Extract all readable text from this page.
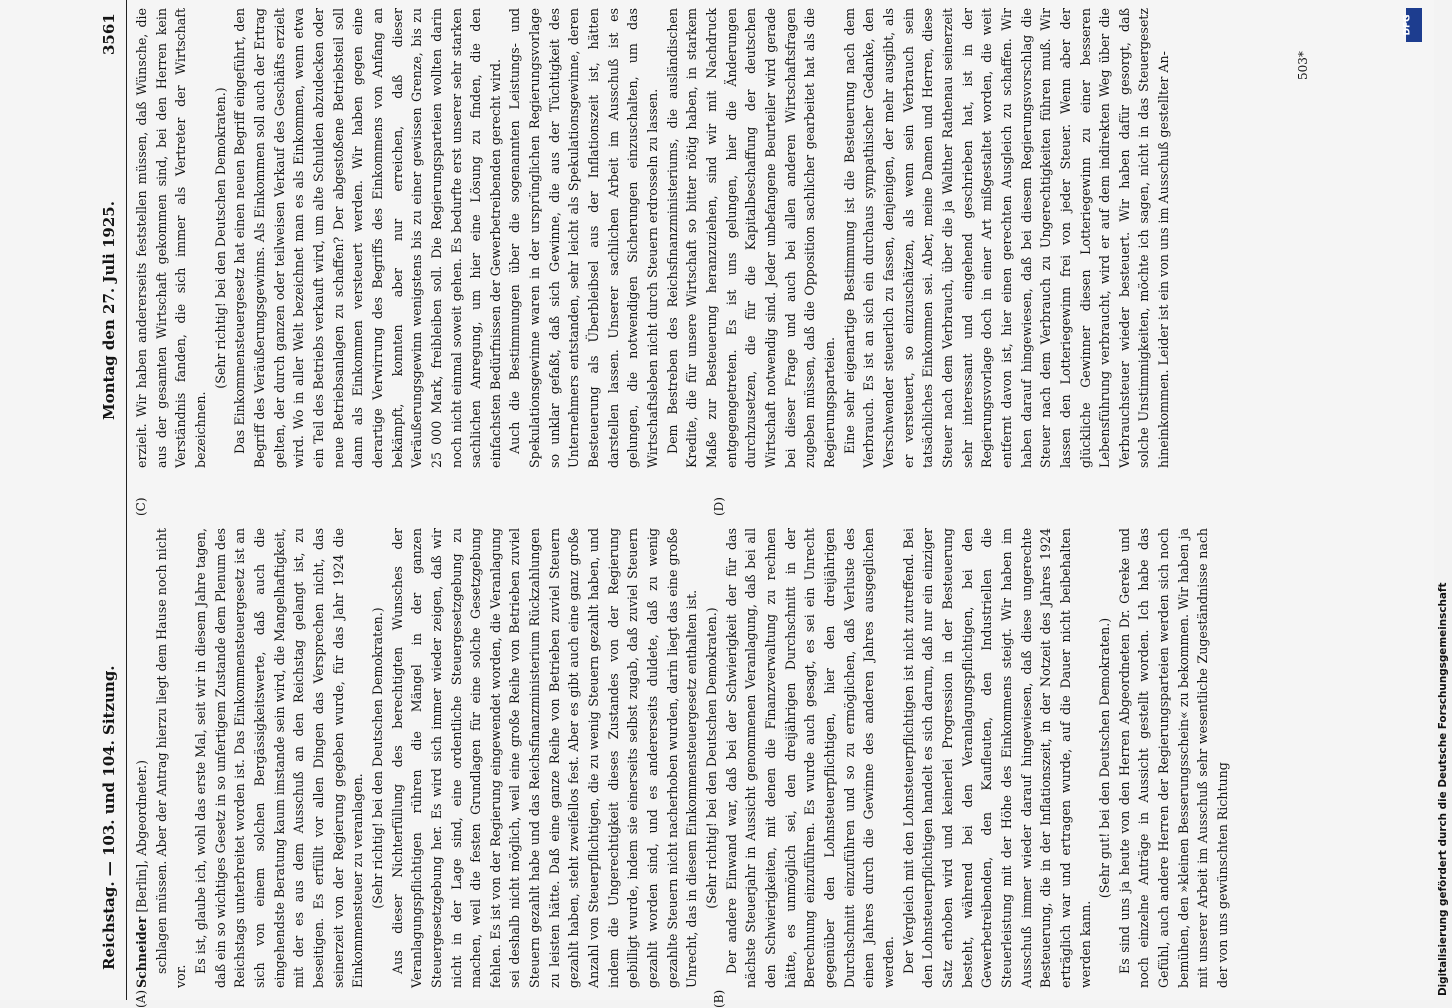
Reichstag. — 103. und 104. Sitzung.
Montag den 27. Juli 1925.
3561
(A)	(B)
(C)	(D)

Schneider [Berlin], Abgeordneter.) schlagen müssen. Aber der Antrag hierzu liegt dem Hause noch nicht vor.

Es ist, glaube ich, wohl das erste Mal, seit wir in diesem Jahre tagen, daß ein so wichtiges Gesetz in so unfertigem Zustande dem Plenum des Reichstags unterbreitet worden ist. Das Einkommensteuergesetz ist an sich von einem solchen Bergässigkeitswerte, daß auch die eingehendste Beratung kaum imstande sein wird, die Mangelhaftigkeit, mit der es aus dem Ausschuß an den Reichstag gelangt ist, zu beseitigen. Es erfüllt vor allen Dingen das Versprechen nicht, das seinerzeit von der Regierung gegeben wurde, für das Jahr 1924 die Einkommensteuer zu veranlagen. (Sehr richtig! bei den Deutschen Demokraten.) Aus dieser Nichterfüllung des berechtigten Wunsches der Veranlagungspflichtigen rühren die Mängel in der ganzen Steuergesetzgebung her. Es wird sich immer wieder zeigen, daß wir nicht in der Lage sind, eine ordentliche Steuergesetzgebung zu machen, weil die festen Grundlagen für eine solche Gesetzgebung fehlen. Es ist von der Regierung eingewendet worden, die Veranlagung sei deshalb nicht möglich, weil eine große Reihe von Betrieben zuviel Steuern gezahlt habe und das Reichsfinanzministerium Rückzahlungen zu leisten hätte. Daß eine ganze Reihe von Betrieben zuviel Steuern gezahlt haben, steht zweifellos fest. Aber es gibt auch eine ganz große Anzahl von Steuerpflichtigen, die zu wenig Steuern gezahlt haben, und indem die Ungerechtigkeit dieses Zustandes von der Regierung gebilligt wurde, indem sie einerseits selbst zugab, daß zuviel Steuern gezahlt worden sind, und es andererseits duldete, daß zu wenig gezahlte Steuern nicht nacherhoben wurden, darin liegt das eine große Unrecht, das in diesem Einkommensteuergesetz enthalten ist. (Sehr richtig! bei den Deutschen Demokraten.) Der andere Einwand war, daß bei der Schwierigkeit der für das nächste Steuerjahr in Aussicht genommenen Veranlagung, daß bei all den Schwierigkeiten, mit denen die Finanzverwaltung zu rechnen hätte, es unmöglich sei, den dreijährigen Durchschnitt in der Berechnung einzuführen. Es wurde auch gesagt, es sei ein Unrecht gegenüber den Lohnsteuerpflichtigen, hier den dreijährigen Durchschnitt einzuführen und so zu ermöglichen, daß Verluste des einen Jahres durch die Gewinne des anderen Jahres ausgeglichen werden. Der Vergleich mit den Lohnsteuerpflichtigen ist nicht zutreffend. Bei den Lohnsteuerpflichtigen handelt es sich darum, daß nur ein einziger Satz erhoben wird und keinerlei Progression in der Besteuerung besteht, während bei den Veranlagungspflichtigen, bei den Gewerbetreibenden, den Kaufleuten, den Industriellen die Steuerleistung mit der Höhe des Einkommens steigt. Wir haben im Ausschuß immer wieder darauf hingewiesen, daß diese ungerechte Besteuerung, die in der Inflationszeit, in der Notzeit des Jahres 1924 erträglich war und ertragen wurde, auf die Dauer nicht beibehalten werden kann.

(Sehr gut! bei den Deutschen Demokraten.) Es sind uns ja heute von den Herren Abgeordneten Dr. Gereke und noch einzelne Anträge in Aussicht gestellt worden. Ich habe das Gefühl, auch andere Herren der Regierungsparteien werden sich noch bemühen, den »kleinen Besserungsschein« zu bekommen. Wir haben ja mit unserer Arbeit im Ausschuß sehr wesentliche Zugeständnisse nach der von uns gewünschten Richtung

erzielt. Wir haben andererseits feststellen müssen, daß Wünsche, die aus der gesamten Wirtschaft gekommen sind, bei den Herren kein Verständnis fanden, die sich immer als Vertreter der Wirtschaft bezeichnen.

(Sehr richtig! bei den Deutschen Demokraten.) Das Einkommensteuergesetz hat einen neuen Begriff eingeführt, den Begriff des Veräußerungsgewinns. Als Einkommen soll auch der Ertrag gelten, der durch ganzen oder teilweisen Verkauf des Geschäfts erzielt wird. Wo in aller Welt bezeichnet man es als Einkommen, wenn etwa ein Teil des Betriebs verkauft wird, um alte Schulden abzudecken oder neue Betriebsanlagen zu schaffen? Der abgestoßene Betriebsteil soll dann als Einkommen versteuert werden. Wir haben gegen eine derartige Verwirrung des Begriffs des Einkommens von Anfang an bekämpft, konnten aber nur erreichen, daß dieser Veräußerungsgewinn wenigstens bis zu einer gewissen Grenze, bis zu 25 000 Mark, freibleiben soll. Die Regierungsparteien wollten darin noch nicht einmal soweit gehen. Es bedurfte erst unserer sehr starken sachlichen Anregung, um hier eine Lösung zu finden, die den einfachsten Bedürfnissen der Gewerbetreibenden gerecht wird. Auch die Bestimmungen über die sogenannten Leistungs- und Spekulationsgewinne waren in der ursprünglichen Regierungsvorlage so unklar gefaßt, daß sich Gewinne, die aus der Tüchtigkeit des Unternehmers entstanden, sehr leicht als Spekulationsgewinne, deren Besteuerung als Überbleibsel aus der Inflationszeit ist, hätten darstellen lassen. Unserer sachlichen Arbeit im Ausschuß ist es gelungen, die notwendigen Sicherungen einzuschalten, um das Wirtschaftsleben nicht durch Steuern erdrosseln zu lassen. Dem Bestreben des Reichsfinanzministeriums, die ausländischen Kredite, die für unsere Wirtschaft so bitter nötig haben, in starkem Maße zur Besteuerung heranzuziehen, sind wir mit Nachdruck entgegengetreten. Es ist uns gelungen, hier die Änderungen durchzusetzen, die für die Kapitalbeschaffung der deutschen Wirtschaft notwendig sind. Jeder unbefangene Beurteiler wird gerade bei dieser Frage und auch bei allen anderen Wirtschaftsfragen zugeben müssen, daß die Opposition sachlicher gearbeitet hat als die Regierungsparteien. Eine sehr eigenartige Bestimmung ist die Besteuerung nach dem Verbrauch. Es ist an sich ein durchaus sympathischer Gedanke, den Verschwender steuerlich zu fassen, denjenigen, der mehr ausgibt, als er versteuert, so einzuschätzen, als wenn sein Verbrauch sein tatsächliches Einkommen sei. Aber, meine Damen und Herren, diese Steuer nach dem Verbrauch, über die ja Walther Rathenau seinerzeit sehr interessant und eingehend geschrieben hat, ist in der Regierungsvorlage doch in einer Art mißgestaltet worden, die weit entfernt davon ist, hier einen gerechten Ausgleich zu schaffen. Wir haben darauf hingewiesen, daß bei diesem Regierungsvorschlag die Steuer nach dem Verbrauch zu Ungerechtigkeiten führen muß. Wir lassen den Lotteriegewinn frei von jeder Steuer. Wenn aber der glückliche Gewinner diesen Lotteriegewinn zu einer besseren Lebensführung verbraucht, wird er auf dem indirekten Weg über die Verbrauchsteuer wieder besteuert. Wir haben dafür gesorgt, daß solche Unstimmigkeiten, möchte ich sagen, nicht in das Steuergesetz hineinkommen. Leider ist ein von uns im Ausschuß gestellter An-	503*
DFG
Digitalisierung gefördert durch die Deutsche Forschungsgemeinschaft
